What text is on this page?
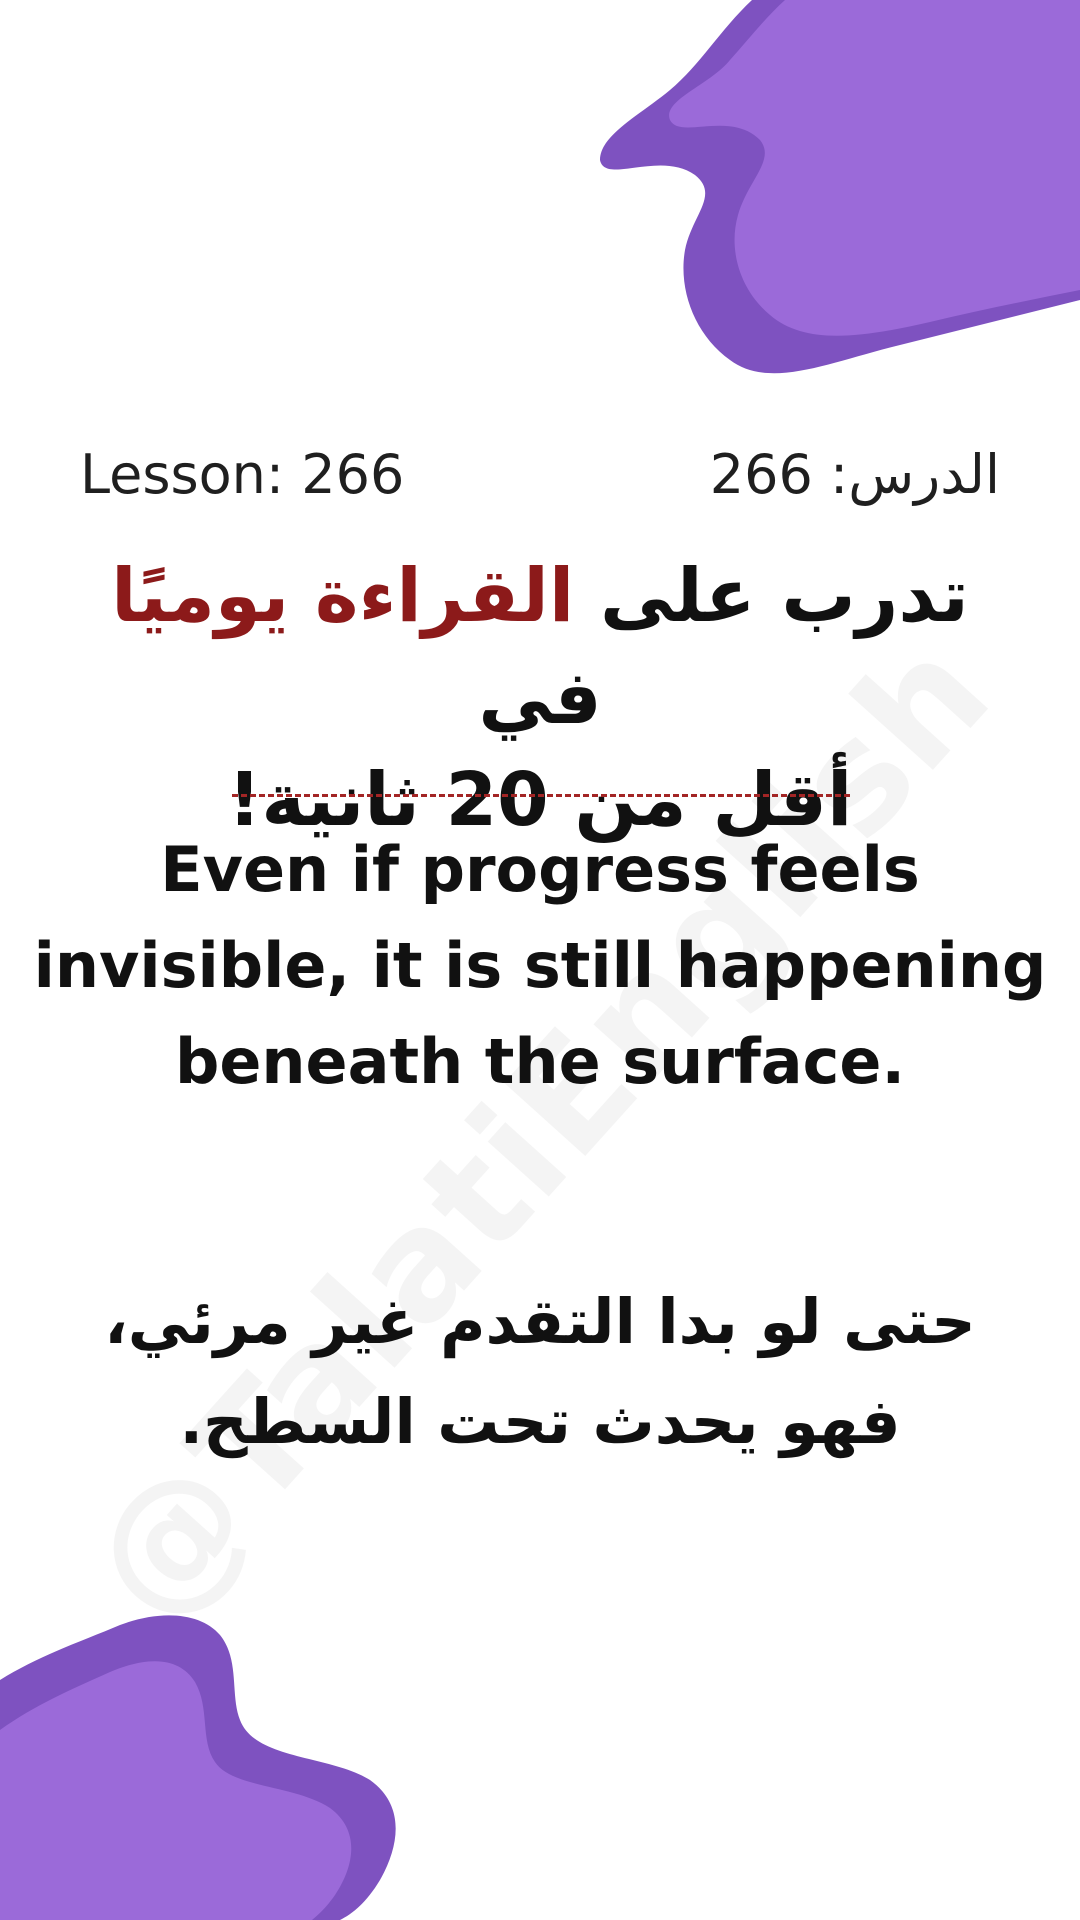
Lesson: 266	الدرس: 266
تدرب على القراءة يوميًا في
أقل من 20 ثانية!
Even if progress feels invisible, it is still happening beneath the surface.
حتى لو بدا التقدم غير مرئي، فهو يحدث تحت السطح.
